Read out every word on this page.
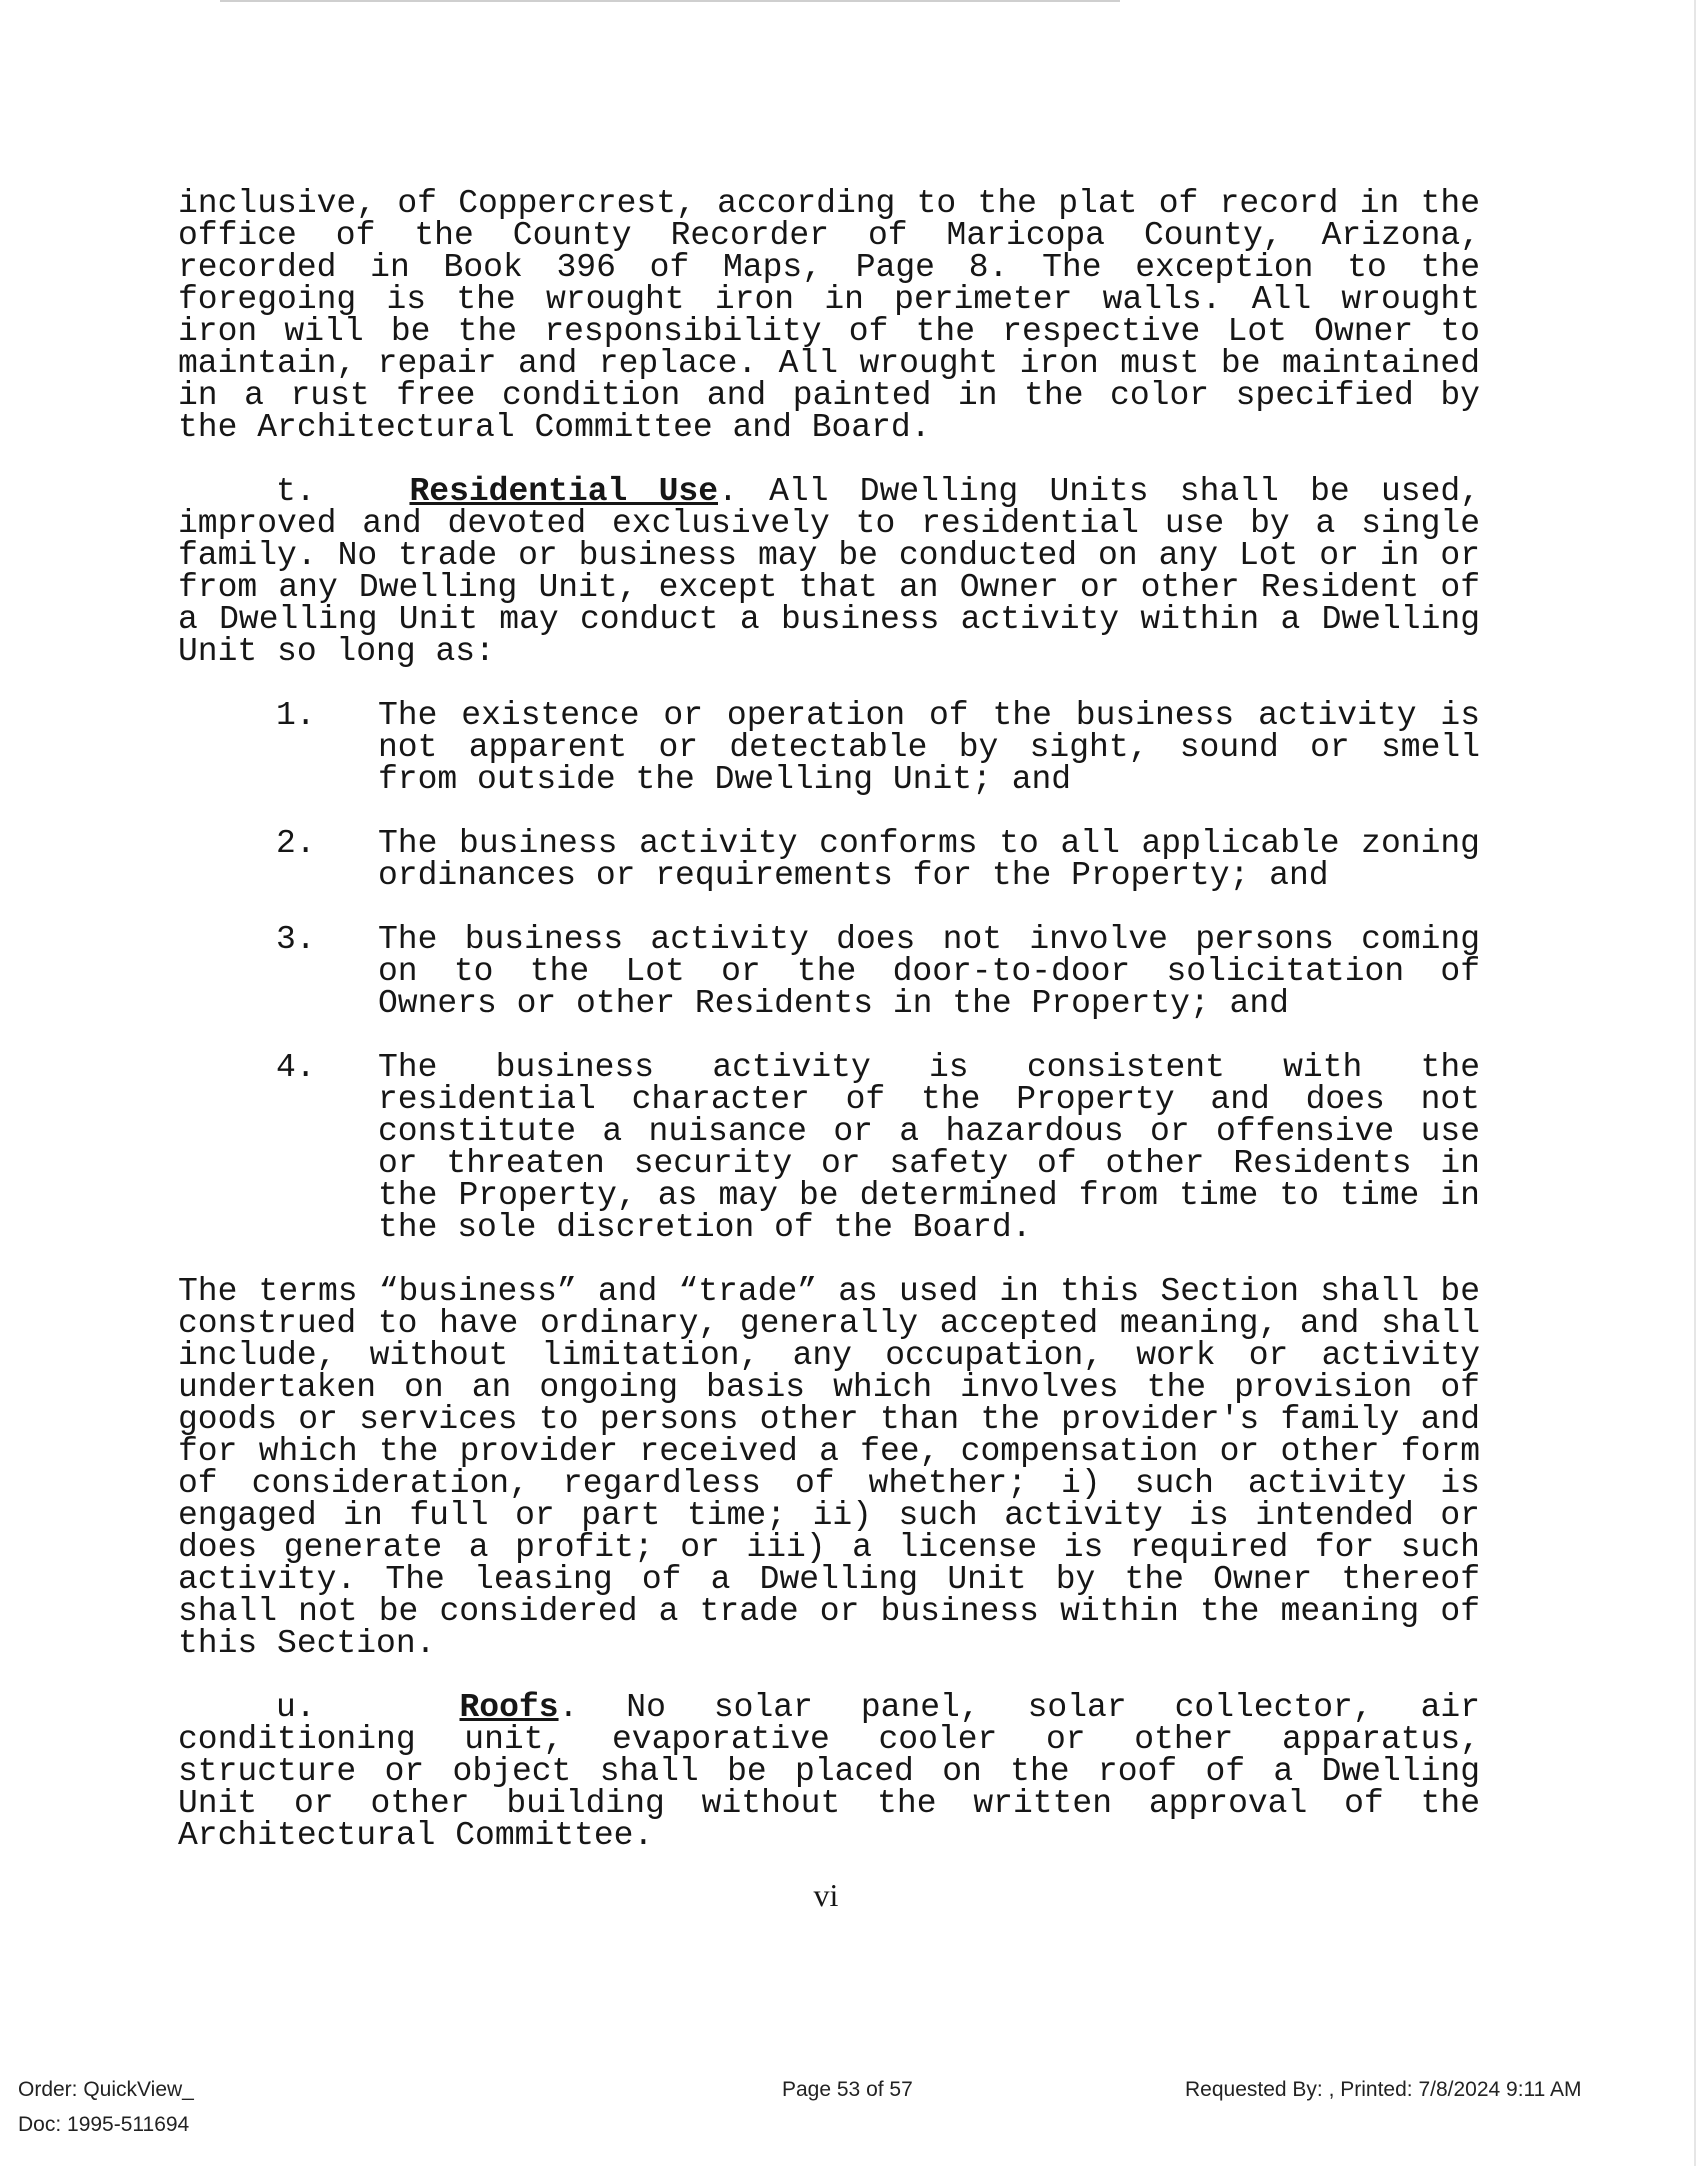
inclusive, of Coppercrest, according to the plat of record in the office of the County Recorder of Maricopa County, Arizona, recorded in Book 396 of Maps, Page 8. The exception to the foregoing is the wrought iron in perimeter walls. All wrought iron will be the responsibility of the respective Lot Owner to maintain, repair and replace. All wrought iron must be maintained in a rust free condition and painted in the color specified by the Architectural Committee and Board.

t.	Residential Use. All Dwelling Units shall be used, improved and devoted exclusively to residential use by a single family. No trade or business may be conducted on any Lot or in or from any Dwelling Unit, except that an Owner or other Resident of a Dwelling Unit may conduct a business activity within a Dwelling Unit so long as:

1.	The existence or operation of the business activity is not apparent or detectable by sight, sound or smell from outside the Dwelling Unit; and
2.	The business activity conforms to all applicable zoning ordinances or requirements for the Property; and
3.	The business activity does not involve persons coming on to the Lot or the door-to-door solicitation of Owners or other Residents in the Property; and
4.	The business activity is consistent with the residential character of the Property and does not constitute a nuisance or a hazardous or offensive use or threaten security or safety of other Residents in the Property, as may be determined from time to time in the sole discretion of the Board.

The terms “business” and “trade” as used in this Section shall be construed to have ordinary, generally accepted meaning, and shall include, without limitation, any occupation, work or activity undertaken on an ongoing basis which involves the provision of goods or services to persons other than the provider's family and for which the provider received a fee, compensation or other form of consideration, regardless of whether; i) such activity is engaged in full or part time; ii) such activity is intended or does generate a profit; or iii) a license is required for such activity. The leasing of a Dwelling Unit by the Owner thereof shall not be considered a trade or business within the meaning of this Section.

u.	Roofs. No solar panel, solar collector, air conditioning unit, evaporative cooler or other apparatus, structure or object shall be placed on the roof of a Dwelling Unit or other building without the written approval of the Architectural Committee.

vi
Order: QuickView_
Doc: 1995-511694
Page 53 of 57	Requested By: , Printed: 7/8/2024 9:11 AM
